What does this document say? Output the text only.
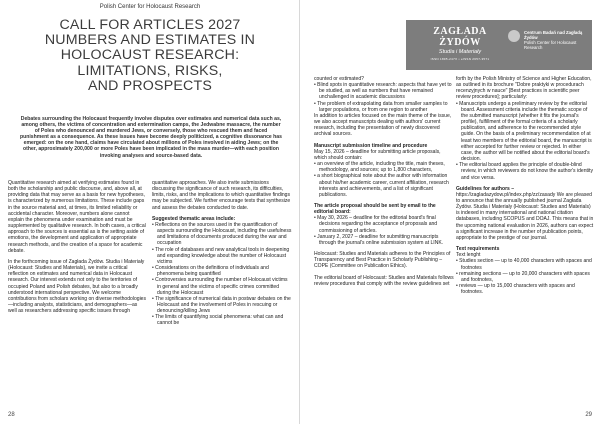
Polish Center for Holocaust Research
CALL FOR ARTICLES 2027
NUMBERS AND ESTIMATES IN
HOLOCAUST RESEARCH:
LIMITATIONS, RISKS,
AND PROSPECTS
Debates surrounding the Holocaust frequently involve disputes over estimates and numerical data such as, among others, the victims of concentration and extermination camps, the Jedwabne massacre, the number of Poles who denounced and murdered Jews, or conversely, those who rescued them and faced punishment as a consequence. As these issues have become deeply politicized, a cognitive dissonance has emerged: on the one hand, claims have circulated about millions of Poles involved in aiding Jews; on the other, approximately 200,000 or more Poles have been implicated in the mass murder—with each position invoking analyses and source-based data.

Quantitative research aimed at verifying estimates found in both the scholarship and public discourse, and, above all, at providing data that may serve as a basis for new hypotheses, is characterized by numerous limitations. These include gaps in the source material and, at times, its limited reliability or accidental character. Moreover, numbers alone cannot explain the phenomena under examination and must be supplemented by qualitative research. In both cases, a critical approach to the sources is essential as is the setting aside of emotions, the development and application of appropriate research methods, and the creation of a space for academic debate.

In the forthcoming issue of Zagłada Żydów. Studia i Materiały (Holocaust: Studies and Materials), we invite a critical reflection on estimates and numerical data in Holocaust research. Our interest extends not only to the territories of occupied Poland and Polish debates, but also to a broadly understood international perspective. We welcome contributions from scholars working on diverse methodologies—including analysts, statisticians, and demographers—as well as researchers addressing specific issues through

quantitative approaches. We also invite submissions discussing the significance of such research, its difficulties, limits, risks, and the implications to which quantitative findings may be subjected. We further encourage texts that synthesize and assess the debates conducted to date.

Suggested thematic areas include:
• Reflections on the sources used in the quantification of aspects surrounding the Holocaust, including the usefulness and limitations of documents produced during the war and occupation
• The role of databases and new analytical tools in deepening and expanding knowledge about the number of Holocaust victims
• Considerations on the definitions of individuals and phenomena being quantified
• Controversies surrounding the number of Holocaust victims in general and the victims of specific crimes committed during the Holocaust
• The significance of numerical data in postwar debates on the Holocaust and the involvement of Poles in rescuing or denouncing/killing Jews
• The limits of quantifying social phenomena: what can and cannot be
28
ZAGŁADA ŻYDÓW
Studia i Materiały
ISSN 1895-247X • eISSN 2657-3571
Centrum Badań nad Zagładą Żydów
Polish Center for Holocaust Research
counted or estimated?
• Blind spots in quantitative research: aspects that have yet to be studied, as well as numbers that have remained unchallenged in academic discussions
• The problem of extrapolating data from smaller samples to larger populations, or from one region to another

In addition to articles focused on the main theme of the issue, we also accept manuscripts dealing with authors' current research, including the presentation of newly discovered archival sources.

Manuscript submission timeline and procedure
May 15, 2026 – deadline for submitting article proposals, which should contain:
• an overview of the article, including the title, main theses, methodology, and sources; up to 1,800 characters,
• a short biographical note about the author with information about his/her academic career, current affiliation, research interests and achievements, and a list of significant publications.
The article proposal should be sent by email to the editorial board:
• May 30, 2026 – deadline for the editorial board's final decisions regarding the acceptance of proposals and commissioning of articles.
• January 2, 2027 – deadline for submitting manuscripts through the journal's online submission system at LINK.

Holocaust: Studies and Materials adheres to the Principles of Transparency and Best Practice in Scholarly Publishing – COPE (Committee on Publication Ethics).

The editorial board of Holocaust: Studies and Materials follows review procedures that comply with the review guidelines set

forth by the Polish Ministry of Science and Higher Education, as outlined in its brochure "Dobre praktyki w procedurach recenzyjnych w nauce" [Best practices in scientific peer review procedures]; particularly:
• Manuscripts undergo a preliminary review by the editorial board. Assessment criteria include the thematic scope of the submitted manuscript (whether it fits the journal's profile), fulfillment of the formal criteria of a scholarly publication, and adherence to the recommended style guide. On the basis of a preliminary recommendation of at least two members of the editorial board, the manuscript is either accepted for further review or rejected. In either case, the author will be notified about the editorial board's decision.
• The editorial board applies the principle of double-blind review, in which reviewers do not know the author's identity and vice versa.
Guidelines for authors –
https://zagladazydow.pl/index.php/zz/zasady We are pleased to announce that the annually published journal Zagłada Żydów. Studia i Materiały (Holocaust: Studies and Materials) is indexed in many international and national citation databases, including SCOPUS and DOAJ. This means that in the upcoming national evaluation in 2026, authors can expect a significant increase in the number of publication points, appropriate to the prestige of our journal.
Text requirements
Text lenght
• Studies section — up to 40,000 characters with spaces and footnotes
• remaining sections — up to 20,000 characters with spaces and footnotes,
• reviews — up to 15,000 characters with spaces and footnotes.
29
